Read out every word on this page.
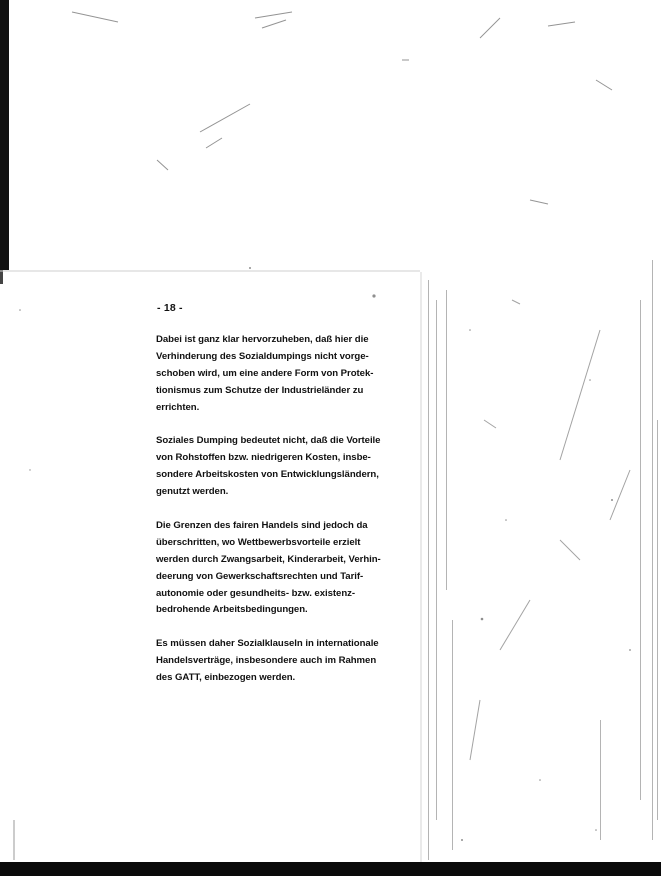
- 18 -
Dabei ist ganz klar hervorzuheben, daß hier die
Verhinderung des Sozialdumpings nicht vorge-
schoben wird, um eine andere Form von Protek-
tionismus zum Schutze der Industrieländer zu
errichten.
Soziales Dumping bedeutet nicht, daß die Vorteile
von Rohstoffen bzw. niedrigeren Kosten, insbe-
sondere Arbeitskosten von Entwicklungsländern,
genutzt werden.
Die Grenzen des fairen Handels sind jedoch da
überschritten, wo Wettbewerbsvorteile erzielt
werden durch Zwangsarbeit, Kinderarbeit, Verhin-
deerung von Gewerkschaftsrechten und Tarif-
autonomie oder gesundheits- bzw. existenz-
bedrohende Arbeitsbedingungen.
Es müssen daher Sozialklauseln in internationale
Handelsverträge, insbesondere auch im Rahmen
des GATT, einbezogen werden.
